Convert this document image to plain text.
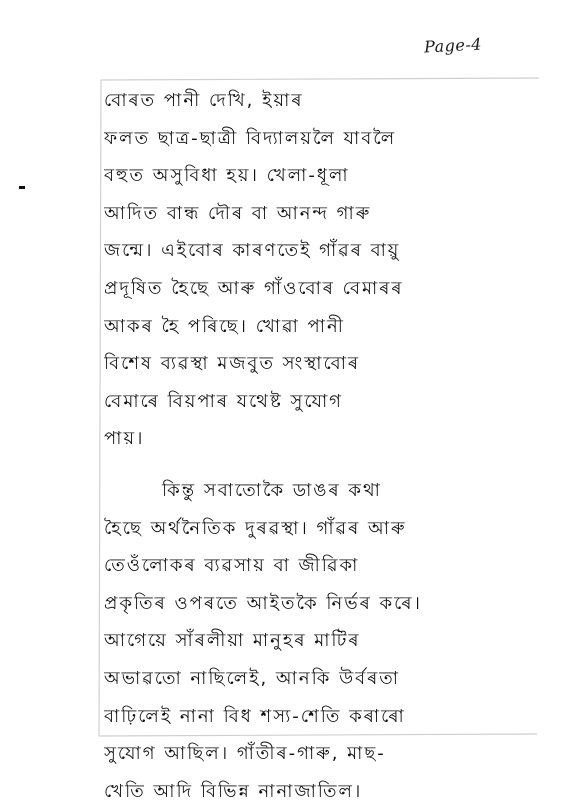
Page-4
বোৰত পানী দেখি, ইয়াৰ
ফলত ছাত্ৰ-ছাত্ৰী বিদ্যালয়লৈ যাবলৈ
বহুত অসুবিধা হয়। খেলা-ধূলা
আদিত বান্ধ দৌৰ বা আনন্দ গাৰু
জন্মে। এইবোৰ কাৰণতেই গাঁৱৰ বায়ু
প্ৰদূষিত হৈছে আৰু গাঁওবোৰ বেমাৰৰ
আকৰ হৈ পৰিছে। খোৱা পানী
বিশেষ ব্যৱস্থা মজবুত সংস্থাবোৰ
বেমাৰে বিয়পাৰ যথেষ্ট সুযোগ
পায়।
কিন্তু সবাতোকৈ ডাঙৰ কথা
হৈছে অৰ্থনৈতিক দুৰৱস্থা। গাঁৱৰ আৰু
তেওঁলোকৰ ব্যৱসায় বা জীৱিকা
প্ৰকৃতিৰ ওপৰতে আইতকৈ নিৰ্ভৰ কৰে।
আগেয়ে সাঁৰলীয়া মানুহৰ মাটিৰ
অভাৱতো নাছিলেই, আনকি উৰ্বৰতা
বাঢ়িলেই নানা বিধ শস্য-শেতি কৰাৰো
সুযোগ আছিল। গাঁতীৰ-গাৰু, মাছ-
খেতি আদি বিভিন্ন নানাজাতিল।
